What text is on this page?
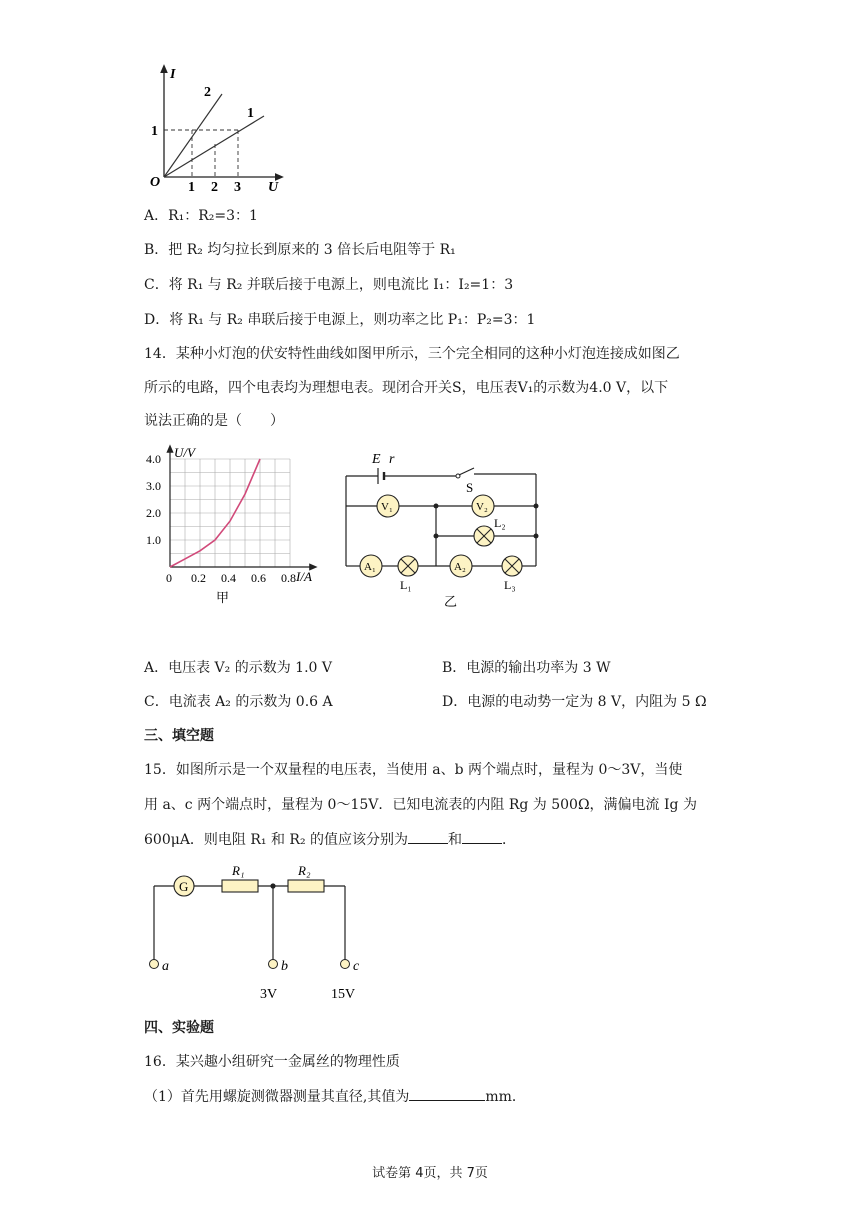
I
U
O
2
1
1
1 2 3
A．R₁：R₂=3：1
B．把 R₂ 均匀拉长到原来的 3 倍长后电阻等于 R₁
C．将 R₁ 与 R₂ 并联后接于电源上，则电流比 I₁：I₂=1：3
D．将 R₁ 与 R₂ 串联后接于电源上，则功率之比 P₁：P₂=3：1
14．某种小灯泡的伏安特性曲线如图甲所示，三个完全相同的这种小灯泡连接成如图乙
所示的电路，四个电表均为理想电表。现闭合开关S，电压表V₁的示数为4.0 V，以下
说法正确的是（　　）
1.0
2.0
3.0
4.0
0 0.2 0.4 0.6 0.8
U/V
I/A
甲
E r
S
V₁	V₂
A₁	A₂
L₁
L₂
L₃
乙
A．电压表 V₂ 的示数为 1.0 V	B．电源的输出功率为 3 W
C．电流表 A₂ 的示数为 0.6 A	D．电源的电动势一定为 8 V，内阻为 5 Ω
三、填空题
15．如图所示是一个双量程的电压表，当使用 a、b 两个端点时，量程为 0～3V，当使
用 a、c 两个端点时，量程为 0～15V．已知电流表的内阻 Rg 为 500Ω，满偏电流 Ig 为
600μA．则电阻 R₁ 和 R₂ 的值应该分别为	和	．
G
R₁	R₂
a	b	c
3V	15V
四、实验题
16．某兴趣小组研究一金属丝的物理性质
（1）首先用螺旋测微器测量其直径,其值为	mm．
试卷第 4页，共 7页
